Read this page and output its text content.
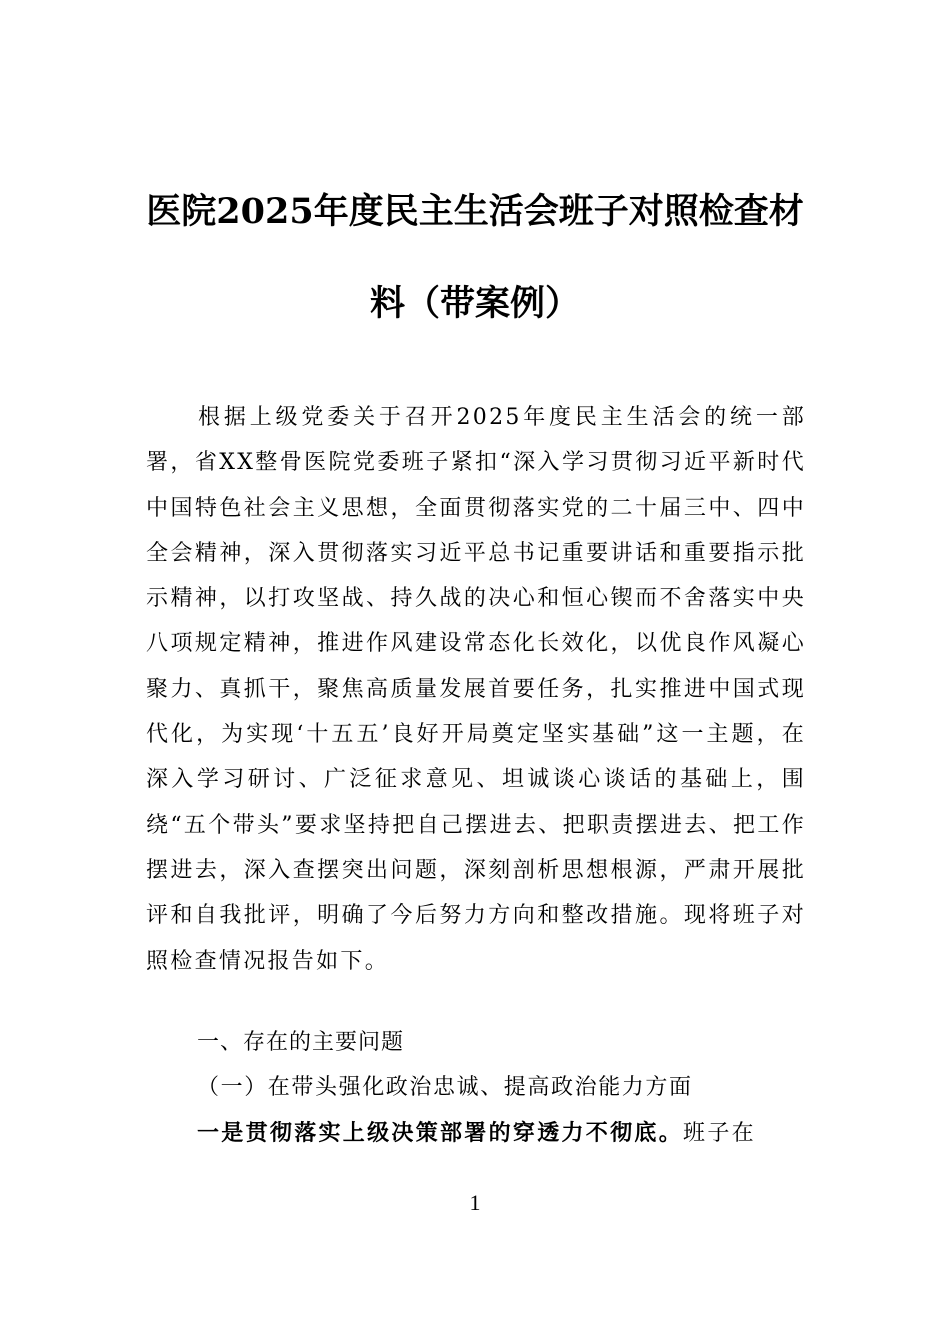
医院2025年度民主生活会班子对照检查材
料（带案例）

根据上级党委关于召开2025年度民主生活会的统一部署，省XX整骨医院党委班子紧扣“深入学习贯彻习近平新时代中国特色社会主义思想，全面贯彻落实党的二十届三中、四中全会精神，深入贯彻落实习近平总书记重要讲话和重要指示批示精神，以打攻坚战、持久战的决心和恒心锲而不舍落实中央八项规定精神，推进作风建设常态化长效化，以优良作风凝心聚力、真抓干，聚焦高质量发展首要任务，扎实推进中国式现代化，为实现‘十五五’良好开局奠定坚实基础”这一主题，在深入学习研讨、广泛征求意见、坦诚谈心谈话的基础上，围绕“五个带头”要求坚持把自己摆进去、把职责摆进去、把工作摆进去，深入查摆突出问题，深刻剖析思想根源，严肃开展批评和自我批评，明确了今后努力方向和整改措施。现将班子对照检查情况报告如下。

一、存在的主要问题
（一）在带头强化政治忠诚、提高政治能力方面
一是贯彻落实上级决策部署的穿透力不彻底。班子在
1
